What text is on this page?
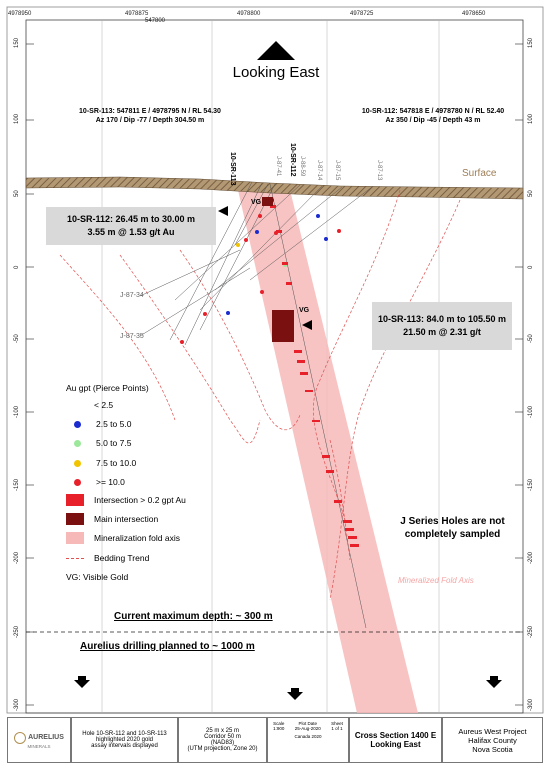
4978950	4978875
547800
4978800	4978725	4978650
150
100
50
0
-50
-100
-150
-200
-250
-300
150
100
50
0
-50
-100
-150
-200
-250
-300
Looking East
10-SR-113: 547811 E / 4978795 N / RL 54.30
Az 170 / Dip -77 / Depth 304.50 m
10-SR-112: 547818 E / 4978780 N / RL 52.40
Az 350 / Dip -45 / Depth 43 m
Surface
10-SR-113	10-SR-112
J-87-41	J-88-59 J-87-14 J-87-15	J-87-13
J-87-34
J-87-35
VG
VG
10-SR-112: 26.45 m to 30.00 m
3.55 m @ 1.53 g/t Au
10-SR-113: 84.0 m to 105.50 m
21.50 m @ 2.31 g/t
Au gpt (Pierce Points)
< 2.5
2.5 to 5.0
5.0 to 7.5
7.5 to 10.0
>= 10.0
Intersection > 0.2 gpt Au
Main intersection
Mineralization fold axis
Bedding Trend
VG: Visible Gold
J Series Holes are not
completely sampled
Mineralized Fold Axis
Current maximum depth: ~ 300 m
Aurelius drilling planned to ~ 1000 m
AURELIUS
MINERALS
Hole 10-SR-112 and 10-SR-113
highlighted 2020 gold
assay intervals displayed
25 m x 25 m
Corridor 50 m
(NAD83)
(UTM projection, Zone 20)
Scale
1:900
Plot Date
25-Aug-2020
Sheet
1 of 1
Canada 2020	Cross Section 1400 E
Looking East
Aureus West Project
Halifax County
Nova Scotia
